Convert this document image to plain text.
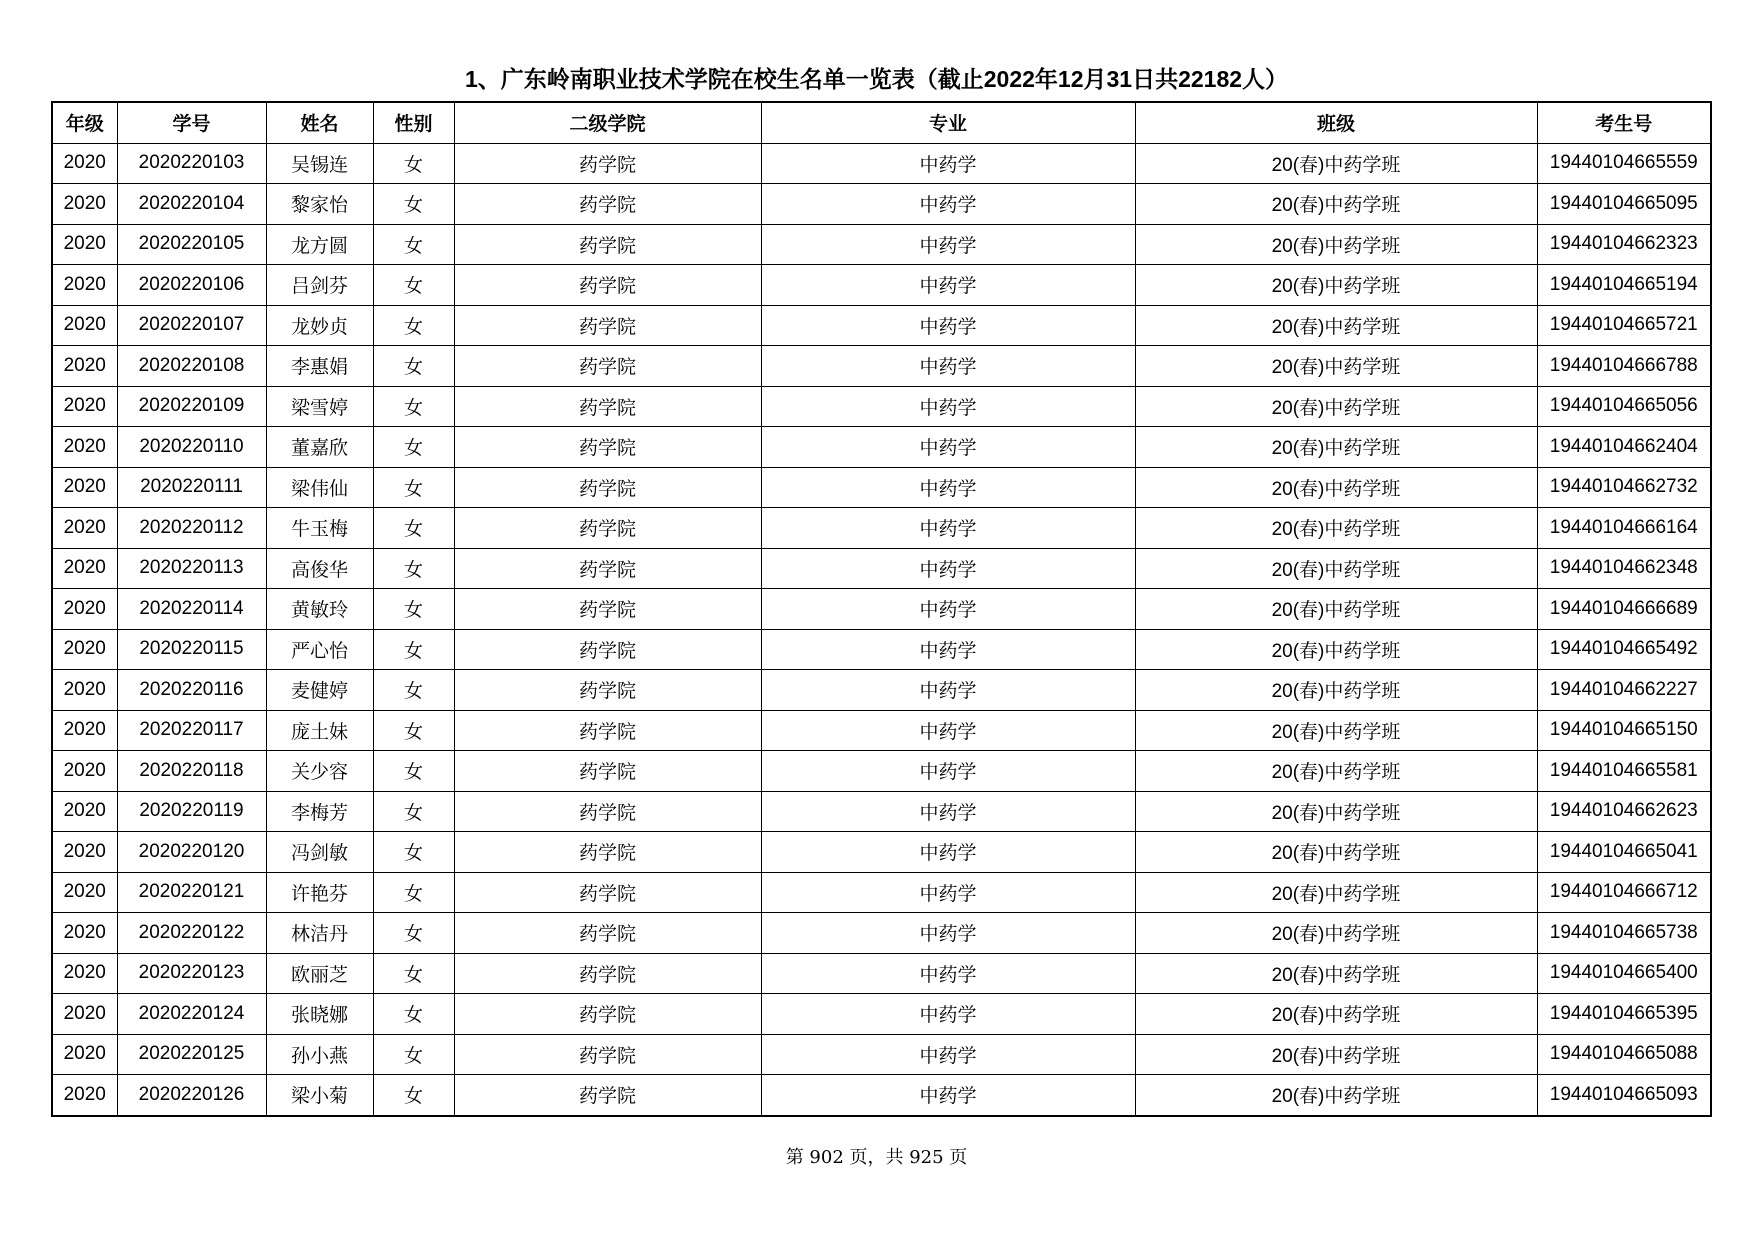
1、广东岭南职业技术学院在校生名单一览表（截止2022年12月31日共22182人）
年级	学号	姓名	性别	二级学院	专业	班级	考生号
2020	2020220103	吴锡连	女	药学院	中药学	20(春)中药学班	19440104665559
2020	2020220104	黎家怡	女	药学院	中药学	20(春)中药学班	19440104665095
2020	2020220105	龙方圆	女	药学院	中药学	20(春)中药学班	19440104662323
2020	2020220106	吕剑芬	女	药学院	中药学	20(春)中药学班	19440104665194
2020	2020220107	龙妙贞	女	药学院	中药学	20(春)中药学班	19440104665721
2020	2020220108	李惠娟	女	药学院	中药学	20(春)中药学班	19440104666788
2020	2020220109	梁雪婷	女	药学院	中药学	20(春)中药学班	19440104665056
2020	2020220110	董嘉欣	女	药学院	中药学	20(春)中药学班	19440104662404
2020	2020220111	梁伟仙	女	药学院	中药学	20(春)中药学班	19440104662732
2020	2020220112	牛玉梅	女	药学院	中药学	20(春)中药学班	19440104666164
2020	2020220113	高俊华	女	药学院	中药学	20(春)中药学班	19440104662348
2020	2020220114	黄敏玲	女	药学院	中药学	20(春)中药学班	19440104666689
2020	2020220115	严心怡	女	药学院	中药学	20(春)中药学班	19440104665492
2020	2020220116	麦健婷	女	药学院	中药学	20(春)中药学班	19440104662227
2020	2020220117	庞土妹	女	药学院	中药学	20(春)中药学班	19440104665150
2020	2020220118	关少容	女	药学院	中药学	20(春)中药学班	19440104665581
2020	2020220119	李梅芳	女	药学院	中药学	20(春)中药学班	19440104662623
2020	2020220120	冯剑敏	女	药学院	中药学	20(春)中药学班	19440104665041
2020	2020220121	许艳芬	女	药学院	中药学	20(春)中药学班	19440104666712
2020	2020220122	林洁丹	女	药学院	中药学	20(春)中药学班	19440104665738
2020	2020220123	欧丽芝	女	药学院	中药学	20(春)中药学班	19440104665400
2020	2020220124	张晓娜	女	药学院	中药学	20(春)中药学班	19440104665395
2020	2020220125	孙小燕	女	药学院	中药学	20(春)中药学班	19440104665088
2020	2020220126	梁小菊	女	药学院	中药学	20(春)中药学班	19440104665093
第 902 页，共 925 页
